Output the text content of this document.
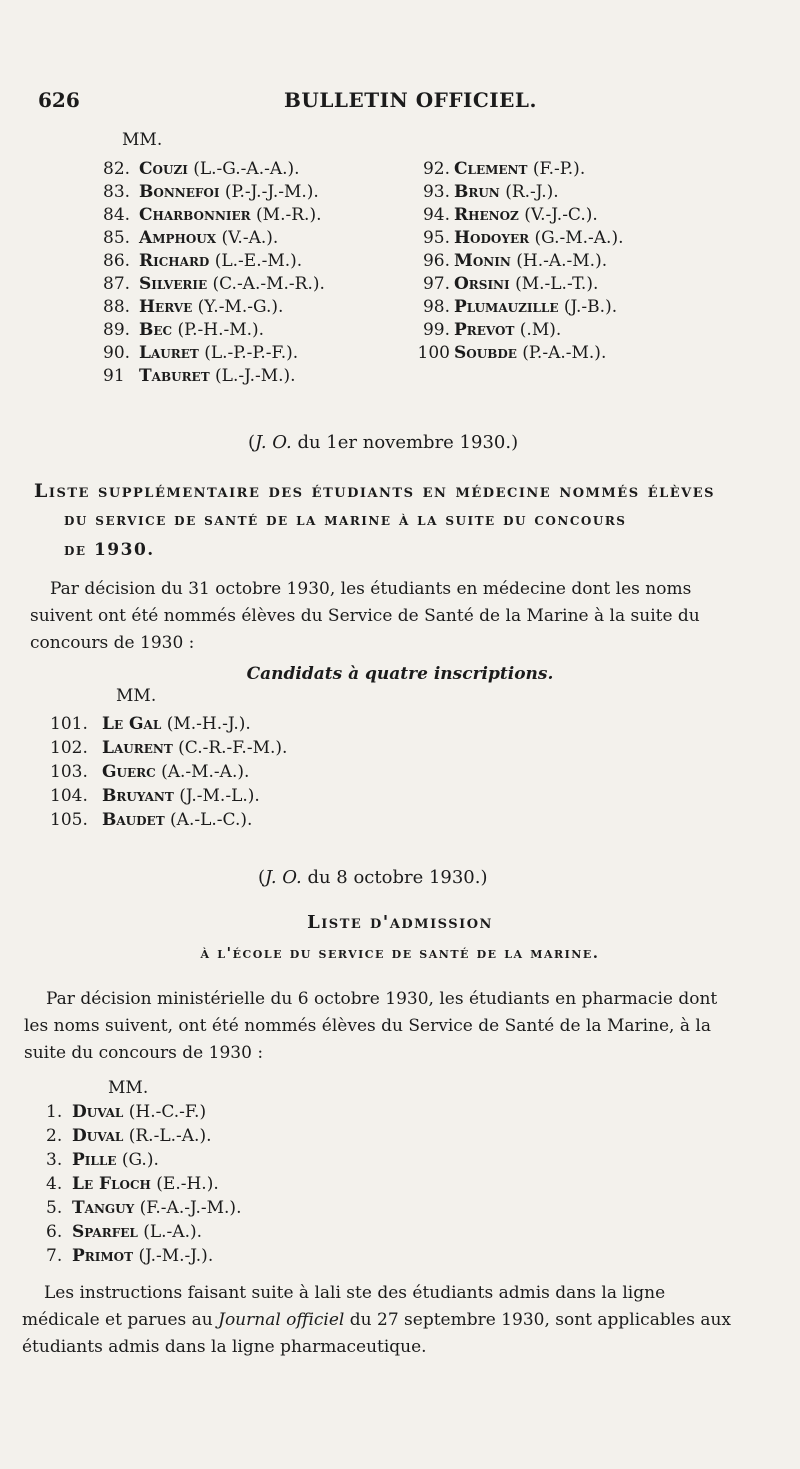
626	BULLETIN OFFICIEL.
MM.
82. Couzi (L.-G.-A.-A.).
83. Bonnefoi (P.-J.-J.-M.).
84. Charbonnier (M.-R.).
85. Amphoux (V.-A.).
86. Richard (L.-E.-M.).
87. Silverie (C.-A.-M.-R.).
88. Herve (Y.-M.-G.).
89. Bec (P.-H.-M.).
90. Lauret (L.-P.-P.-F.).
91 Taburet (L.-J.-M.).
92. Clement (F.-P.).
93. Brun (R.-J.).
94. Rhenoz (V.-J.-C.).
95. Hodoyer (G.-M.-A.).
96. Monin (H.-A.-M.).
97. Orsini (M.-L.-T.).
98. Plumauzille (J.-B.).
99. Prevot (.M).
100 Soubde (P.-A.-M.).
(J. O. du 1er novembre 1930.)
Liste supplémentaire des étudiants en médecine nommés élèves
du service de santé de la marine à la suite du concours
de 1930.
Par décision du 31 octobre 1930, les étudiants en médecine dont les noms suivent ont été nommés élèves du Service de Santé de la Marine à la suite du concours de 1930 :
Candidats à quatre inscriptions.
MM.
101. Le Gal (M.-H.-J.).
102. Laurent (C.-R.-F.-M.).
103. Guerc (A.-M.-A.).
104. Bruyant (J.-M.-L.).
105. Baudet (A.-L.-C.).
(J. O. du 8 octobre 1930.)
Liste d'admission
à l'école du service de santé de la marine.
Par décision ministérielle du 6 octobre 1930, les étudiants en pharmacie dont les noms suivent, ont été nommés élèves du Service de Santé de la Marine, à la suite du concours de 1930 :
MM.
1. Duval (H.-C.-F.)
2. Duval (R.-L.-A.).
3. Pille (G.).
4. Le Floch (E.-H.).
5. Tanguy (F.-A.-J.-M.).
6. Sparfel (L.-A.).
7. Primot (J.-M.-J.).
Les instructions faisant suite à lali ste des étudiants admis dans la ligne médicale et parues au Journal officiel du 27 septembre 1930, sont applicables aux étudiants admis dans la ligne pharmaceutique.
